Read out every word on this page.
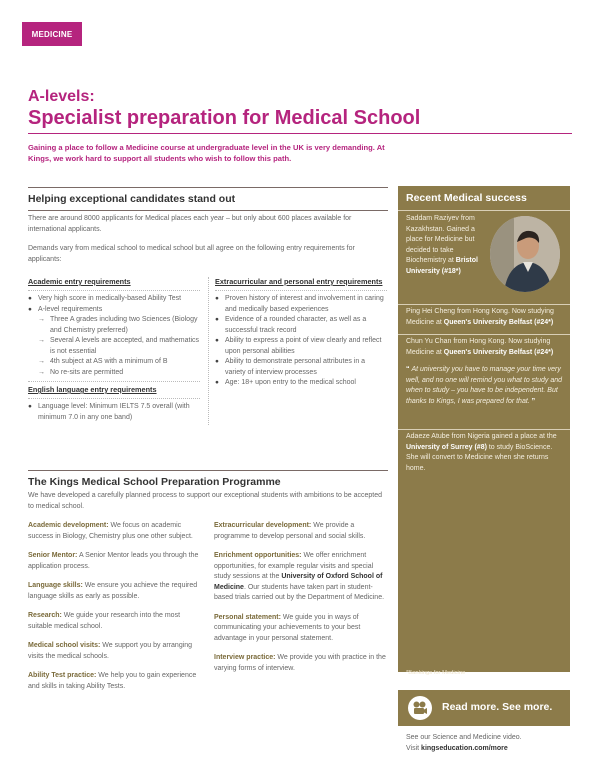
MEDICINE
A-levels:
Specialist preparation for Medical School
Gaining a place to follow a Medicine course at undergraduate level in the UK is very demanding. At Kings, we work hard to support all students who wish to follow this path.
Helping exceptional candidates stand out
There are around 8000 applicants for Medical places each year – but only about 600 places available for international applicants.
Demands vary from medical school to medical school but all agree on the following entry requirements for applicants:
Academic entry requirements
● Very high score in medically-based Ability Test
● A-level requirements
→ Three A grades including two Sciences (Biology and Chemistry preferred)
→ Several A levels are accepted, and mathematics is not essential
→ 4th subject at AS with a minimum of B
→ No re-sits are permitted
English language entry requirements
● Language level: Minimum IELTS 7.5 overall (with minimum 7.0 in any one band)
Extracurricular and personal entry requirements
● Proven history of interest and involvement in caring and medically based experiences
● Evidence of a rounded character, as well as a successful track record
● Ability to express a point of view clearly and reflect upon personal abilities
● Ability to demonstrate personal attributes in a variety of interview processes
● Age: 18+ upon entry to the medical school
The Kings Medical School Preparation Programme
We have developed a carefully planned process to support our exceptional students with ambitions to be accepted to medical school.
Academic development: We focus on academic success in Biology, Chemistry plus one other subject.
Senior Mentor: A Senior Mentor leads you through the application process.
Language skills: We ensure you achieve the required language skills as early as possible.
Research: We guide your research into the most suitable medical school.
Medical school visits: We support you by arranging visits the medical schools.
Ability Test practice: We help you to gain experience and skills in taking Ability Tests.
Extracurricular development: We provide a programme to develop personal and social skills.
Enrichment opportunities: We offer enrichment opportunities, for example regular visits and special study sessions at the University of Oxford School of Medicine. Our students have taken part in student-based trials carried out by the Department of Medicine.
Personal statement: We guide you in ways of communicating your achievements to your best advantage in your personal statement.
Interview practice: We provide you with practice in the varying forms of interview.
Recent Medical success
Saddam Raziyev from Kazakhstan. Gained a place for Medicine but decided to take Biochemistry at Bristol University (#18*)
Ping Hei Cheng from Hong Kong. Now studying Medicine at Queen's University Belfast (#24*)
Chun Yu Chan from Hong Kong. Now studying Medicine at Queen's University Belfast (#24*)
“ At university you have to manage your time very well, and no one will remind you what to study and when to study – you have to be independent. But thanks to Kings, I was prepared for that. ”
Adaeze Atube from Nigeria gained a place at the University of Surrey (#8) to study BioScience. She will convert to Medicine when she returns home.
*Bankings for Medicine
Read more. See more.
See our Science and Medicine video.
Visit kingseducation.com/more
